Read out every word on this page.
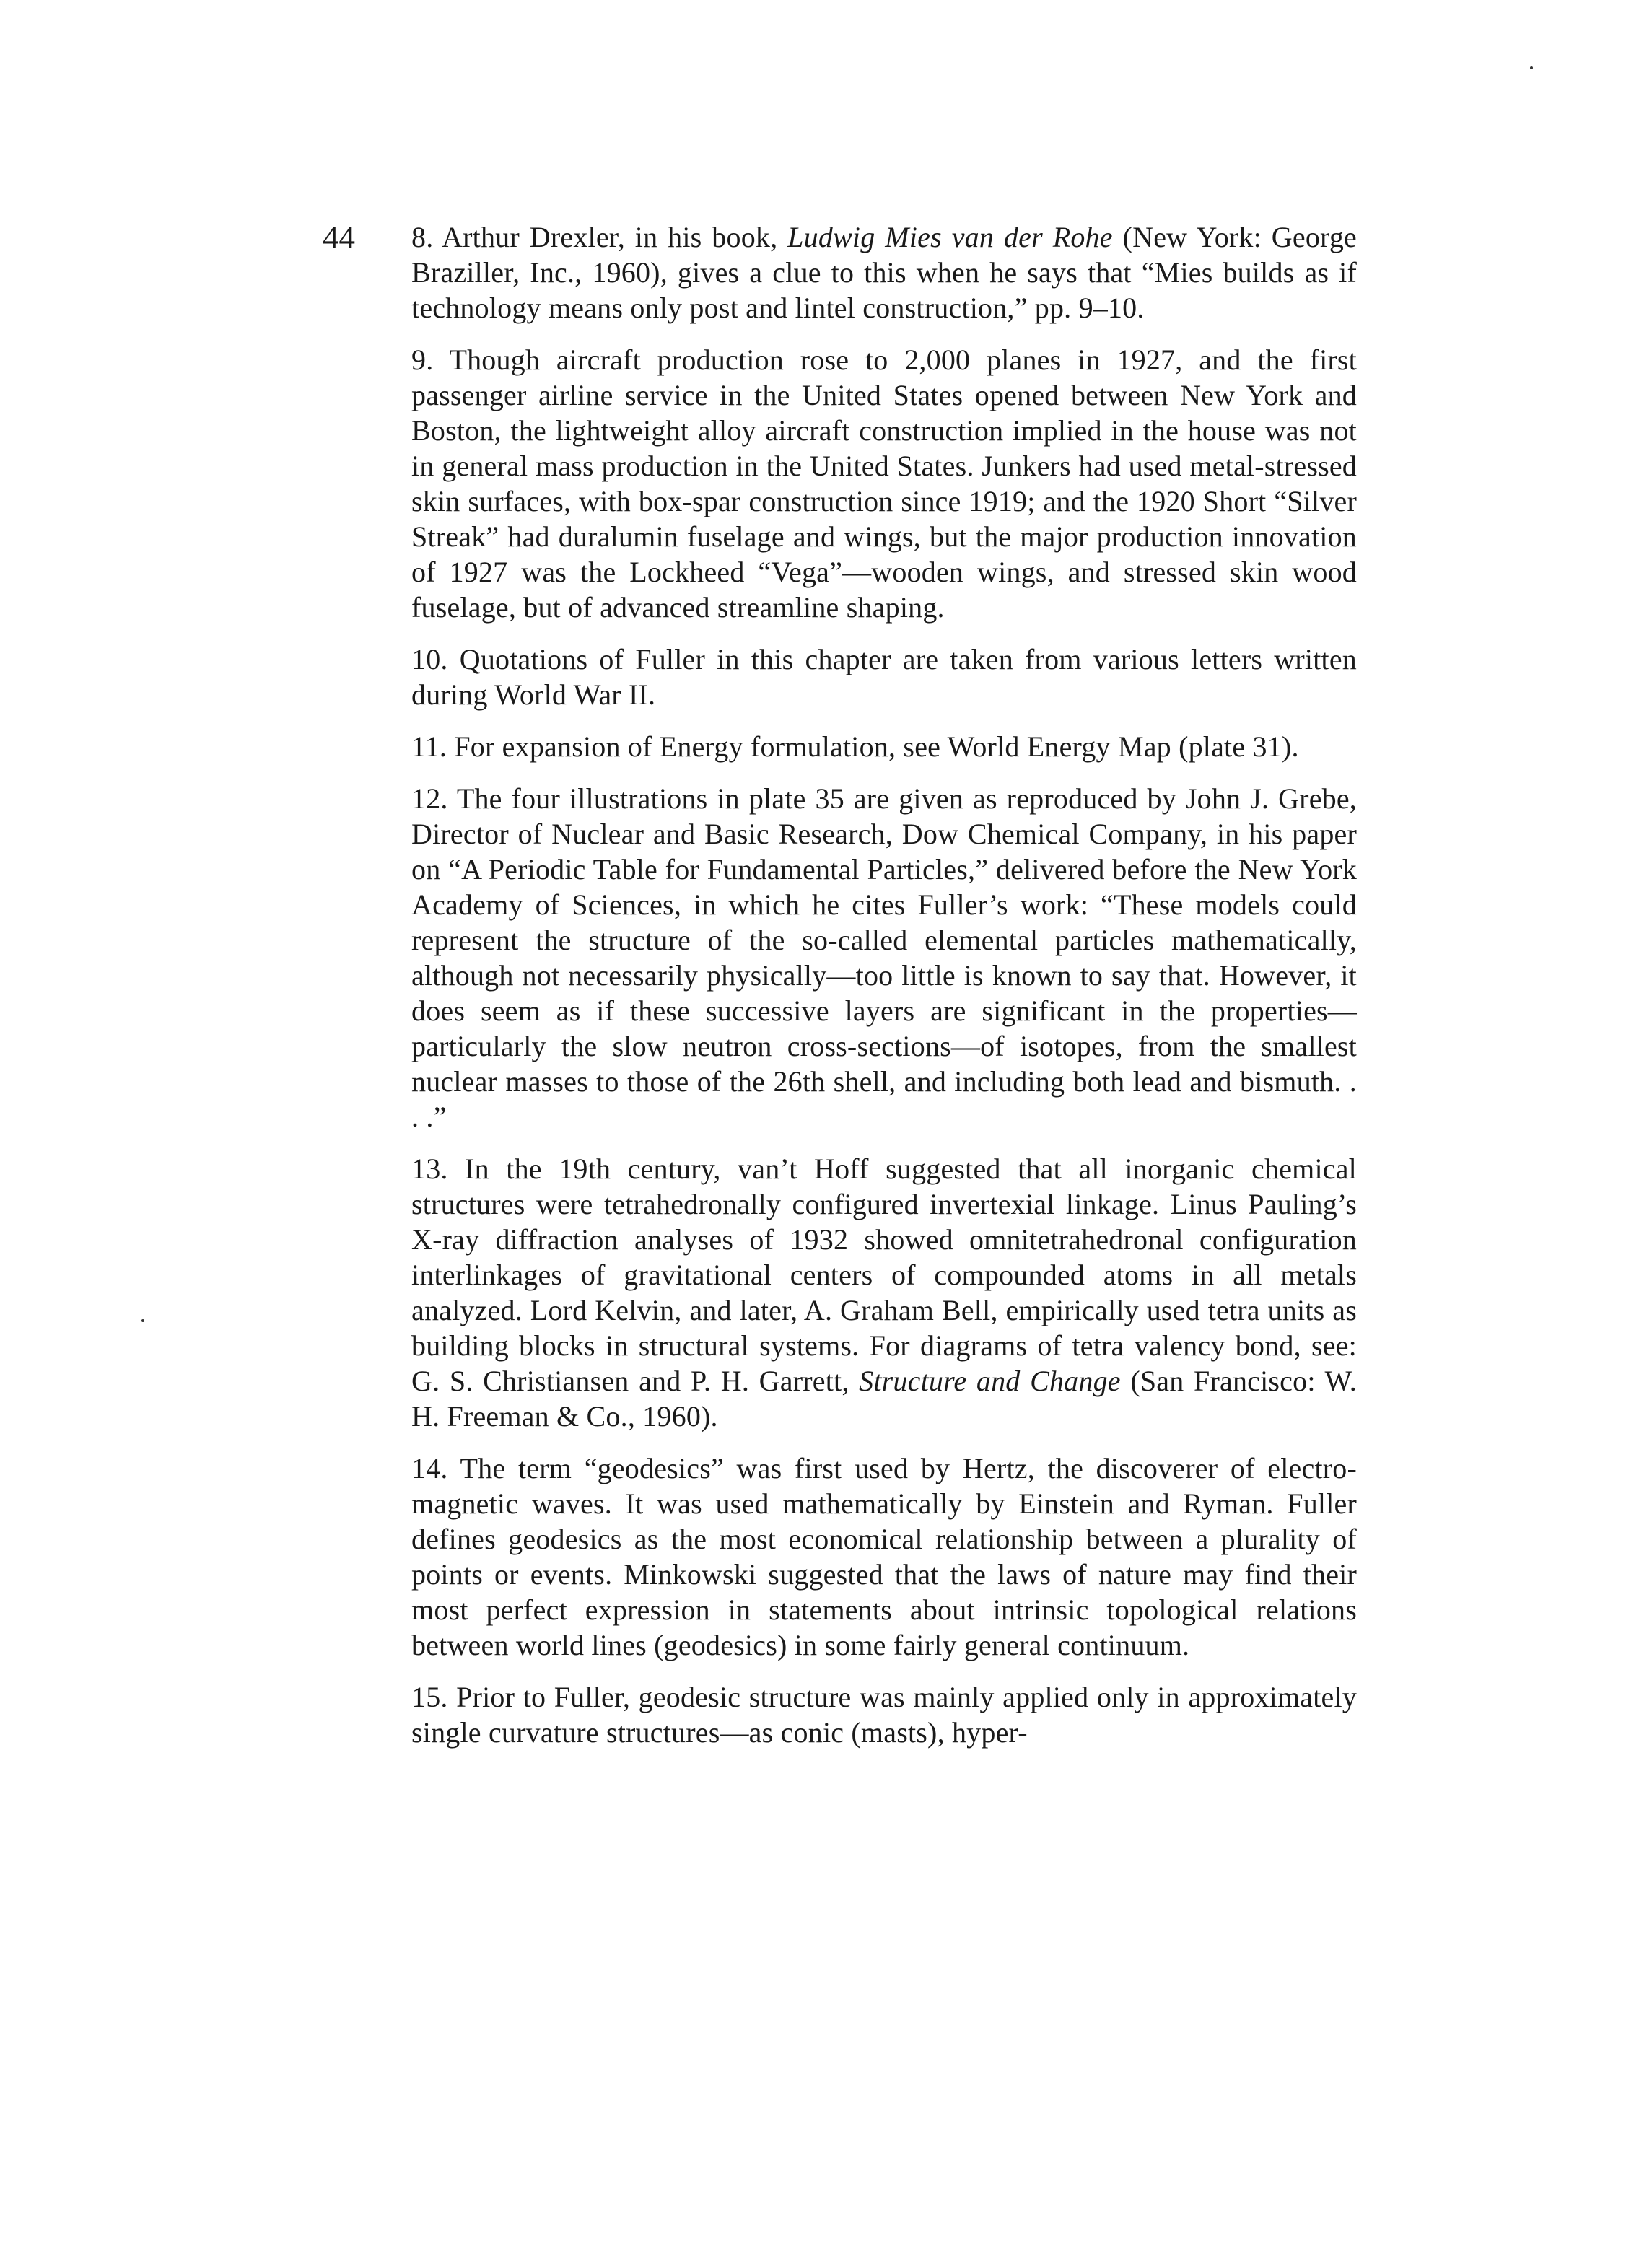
44 8. Arthur Drexler, in his book, Ludwig Mies van der Rohe (New York: George Braziller, Inc., 1960), gives a clue to this when he says that “Mies builds as if technology means only post and lintel construction,” pp. 9–10.

9. Though aircraft production rose to 2,000 planes in 1927, and the first passenger airline service in the United States opened between New York and Boston, the lightweight alloy aircraft construction implied in the house was not in general mass production in the United States. Junkers had used metal-stressed skin surfaces, with box-spar construction since 1919; and the 1920 Short “Silver Streak” had duralumin fuselage and wings, but the major production innovation of 1927 was the Lockheed “Vega”—wooden wings, and stressed skin wood fuselage, but of advanced streamline shaping.

10. Quotations of Fuller in this chapter are taken from various letters written during World War II.

11. For expansion of Energy formulation, see World Energy Map (plate 31).

12. The four illustrations in plate 35 are given as reproduced by John J. Grebe, Director of Nuclear and Basic Research, Dow Chemical Company, in his paper on “A Periodic Table for Fundamental Particles,” delivered before the New York Academy of Sciences, in which he cites Fuller’s work: “These models could represent the structure of the so-called elemental particles mathematically, although not necessarily physically—too little is known to say that. However, it does seem as if these successive layers are significant in the properties—particularly the slow neutron cross-sections—of isotopes, from the smallest nuclear masses to those of the 26th shell, and including both lead and bismuth. . . .”

13. In the 19th century, van’t Hoff suggested that all inorganic chemical structures were tetrahedronally configured invertexial linkage. Linus Pauling’s X-ray diffraction analyses of 1932 showed omnitetrahedronal configuration interlinkages of gravitational centers of compounded atoms in all metals analyzed. Lord Kelvin, and later, A. Graham Bell, empirically used tetra units as building blocks in structural systems. For diagrams of tetra valency bond, see: G. S. Christiansen and P. H. Garrett, Structure and Change (San Francisco: W. H. Freeman & Co., 1960).

14. The term “geodesics” was first used by Hertz, the discoverer of electro-magnetic waves. It was used mathematically by Einstein and Ryman. Fuller defines geodesics as the most economical relationship between a plurality of points or events. Minkowski suggested that the laws of nature may find their most perfect expression in statements about intrinsic topological relations between world lines (geodesics) in some fairly general continuum.

15. Prior to Fuller, geodesic structure was mainly applied only in approximately single curvature structures—as conic (masts), hyper-
